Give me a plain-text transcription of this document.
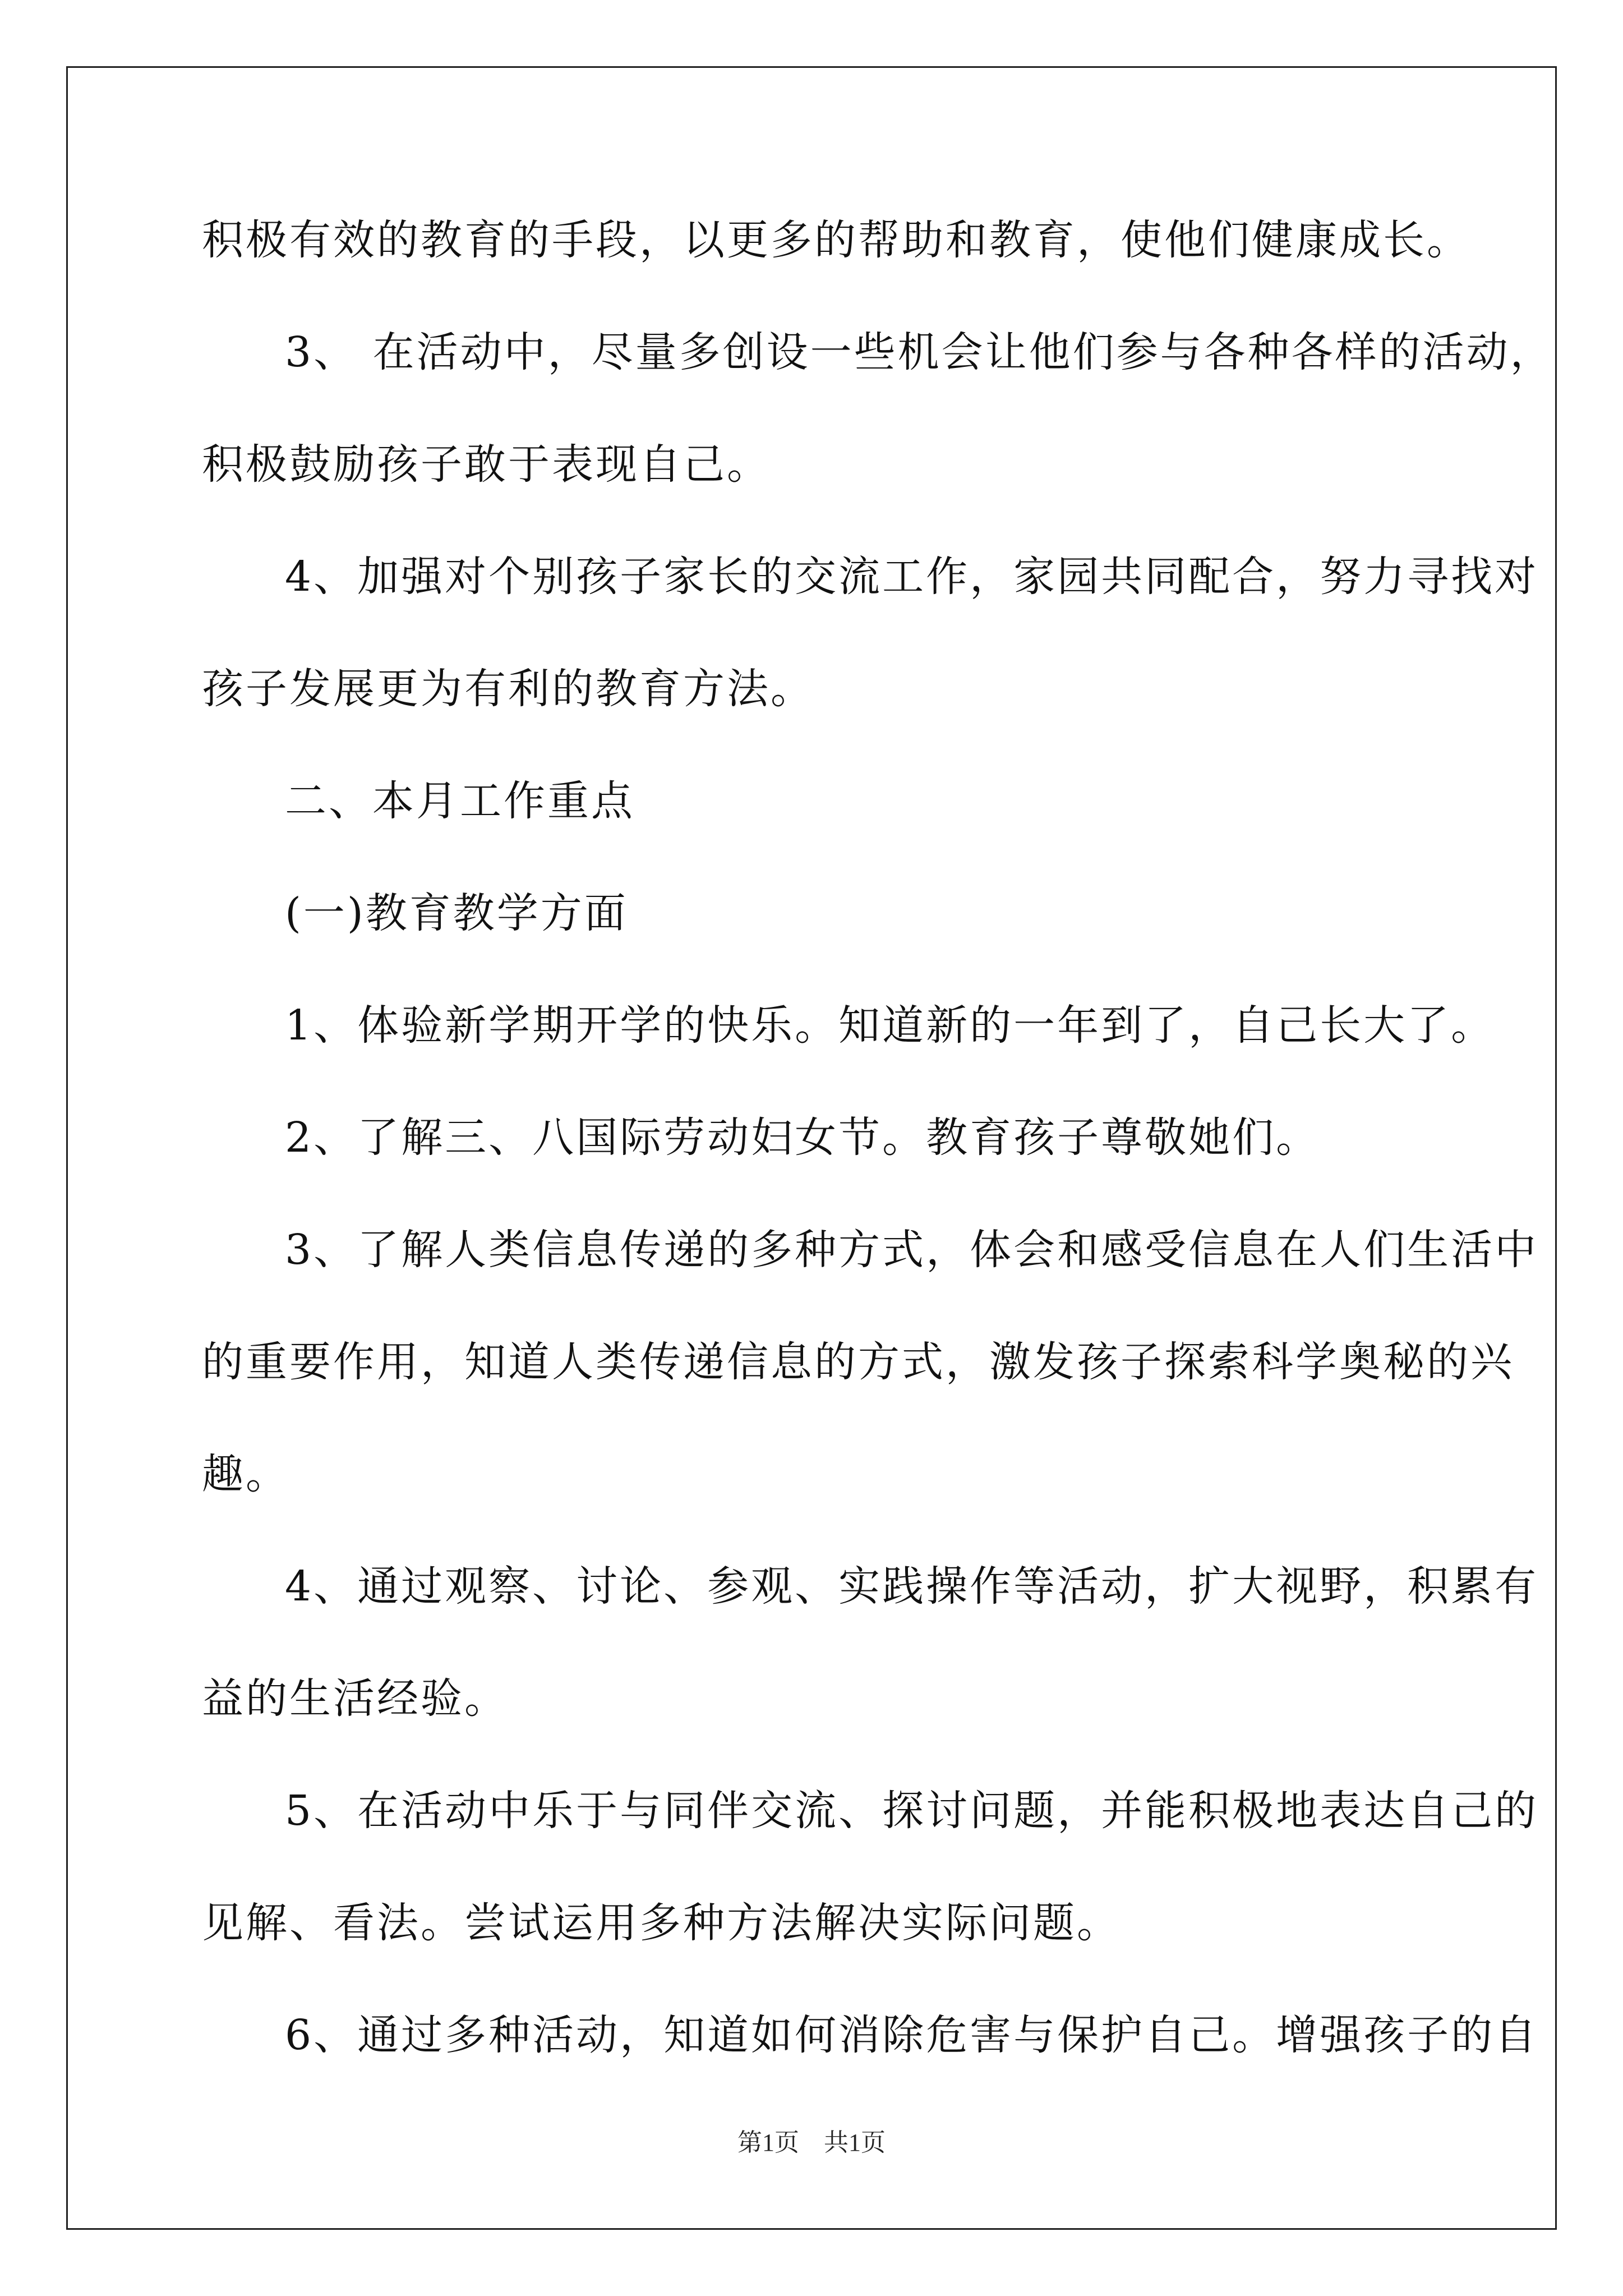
积极有效的教育的手段，以更多的帮助和教育，使他们健康成长。
3、 在活动中，尽量多创设一些机会让他们参与各种各样的活动，
积极鼓励孩子敢于表现自己。
4、加强对个别孩子家长的交流工作，家园共同配合，努力寻找对
孩子发展更为有利的教育方法。
二、本月工作重点
(一)教育教学方面
1、体验新学期开学的快乐。知道新的一年到了，自己长大了。
2、了解三、八国际劳动妇女节。教育孩子尊敬她们。
3、了解人类信息传递的多种方式，体会和感受信息在人们生活中
的重要作用，知道人类传递信息的方式，激发孩子探索科学奥秘的兴
趣。
4、通过观察、讨论、参观、实践操作等活动，扩大视野，积累有
益的生活经验。
5、在活动中乐于与同伴交流、探讨问题，并能积极地表达自己的
见解、看法。尝试运用多种方法解决实际问题。
6、通过多种活动，知道如何消除危害与保护自己。增强孩子的自
第1页　共1页
